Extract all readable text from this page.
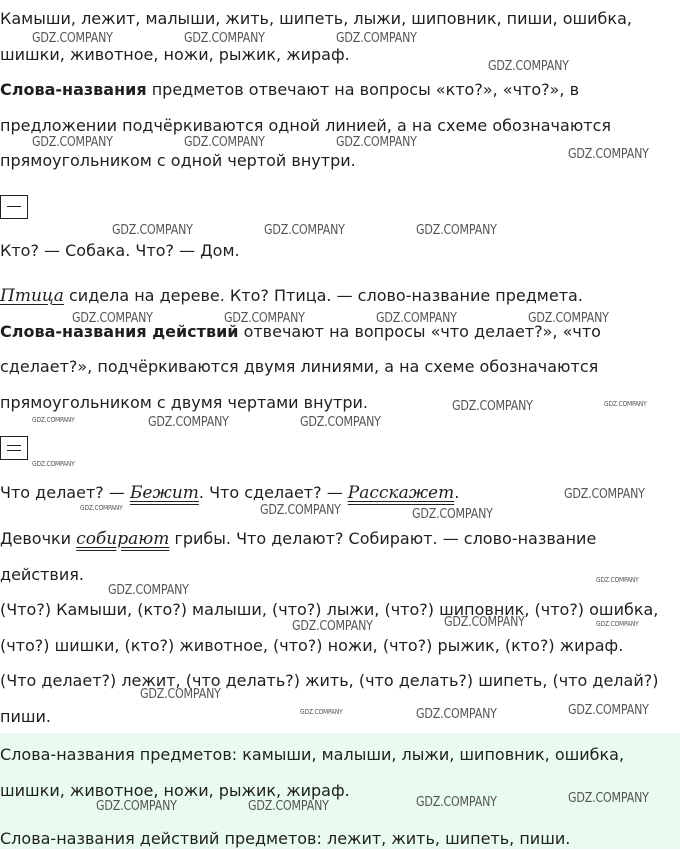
Камыши, лежит, малыши, жить, шипеть, лыжи, шиповник, пиши, ошибка,
шишки, животное, ножи, рыжик, жираф.
Слова-названия предметов отвечают на вопросы «кто?», «что?», в
предложении подчёркиваются одной линией, а на схеме обозначаются
прямоугольником с одной чертой внутри.
Кто? — Собака. Что? — Дом.
Птица сидела на дереве. Кто? Птица. — слово-название предмета.
Слова-названия действий отвечают на вопросы «что делает?», «что
сделает?», подчёркиваются двумя линиями, а на схеме обозначаются
прямоугольником с двумя чертами внутри.
Что делает? — Бежит. Что сделает? — Расскажет.
Девочки собирают грибы. Что делают? Собирают. — слово-название
действия.
(Что?) Камыши, (кто?) малыши, (что?) лыжи, (что?) шиповник, (что?) ошибка,
(что?) шишки, (кто?) животное, (что?) ножи, (что?) рыжик, (кто?) жираф.
(Что делает?) лежит, (что делать?) жить, (что делать?) шипеть, (что делай?)
пиши.
Слова-названия предметов: камыши, малыши, лыжи, шиповник, ошибка,
шишки, животное, ножи, рыжик, жираф.
Слова-названия действий предметов: лежит, жить, шипеть, пиши.
GDZ.COMPANY	GDZ.COMPANY	GDZ.COMPANY
GDZ.COMPANY
GDZ.COMPANY	GDZ.COMPANY	GDZ.COMPANY
GDZ.COMPANY
GDZ.COMPANY	GDZ.COMPANY	GDZ.COMPANY
GDZ.COMPANY	GDZ.COMPANY	GDZ.COMPANY	GDZ.COMPANY
GDZ.COMPANY	GDZ.COMPANY
GDZ.COMPANY	GDZ.COMPANY	GDZ.COMPANY
GDZ.COMPANY
GDZ.COMPANY
GDZ.COMPANY	GDZ.COMPANY	GDZ.COMPANY
GDZ.COMPANY
GDZ.COMPANY
GDZ.COMPANY	GDZ.COMPANY
GDZ.COMPANY
GDZ.COMPANY
GDZ.COMPANY	GDZ.COMPANY	GDZ.COMPANY
GDZ.COMPANY	GDZ.COMPANY	GDZ.COMPANY	GDZ.COMPANY
